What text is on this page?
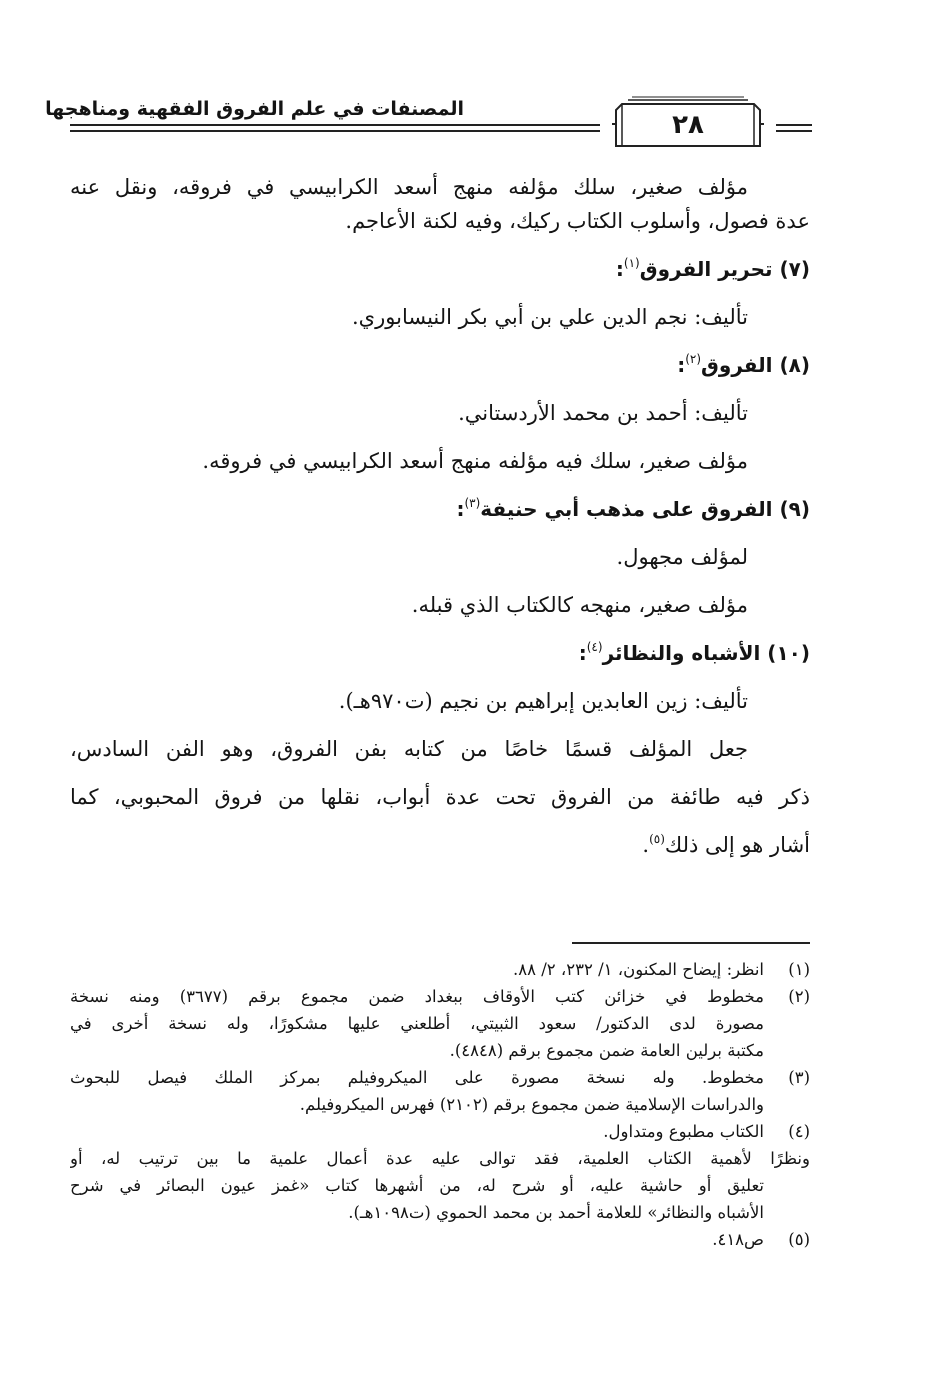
٢٨
المصنفات في علم الفروق الفقهية ومناهجها
مؤلف صغير، سلك مؤلفه منهج أسعد الكرابيسي في فروقه، ونقل عنه
عدة فصول، وأسلوب الكتاب ركيك، وفيه لكنة الأعاجم.
(٧) تحرير الفروق$^{(١)}$:
تأليف: نجم الدين علي بن أبي بكر النيسابوري.
(٨) الفروق$^{(٢)}$:
تأليف: أحمد بن محمد الأردستاني.
مؤلف صغير، سلك فيه مؤلفه منهج أسعد الكرابيسي في فروقه.
(٩) الفروق على مذهب أبي حنيفة$^{(٣)}$:
لمؤلف مجهول.
مؤلف صغير، منهجه كالكتاب الذي قبله.
(١٠) الأشباه والنظائر$^{(٤)}$:
تأليف: زين العابدين إبراهيم بن نجيم (ت٩٧٠هـ).
جعل المؤلف قسمًا خاصًا من كتابه بفن الفروق، وهو الفن السادس،
ذكر فيه طائفة من الفروق تحت عدة أبواب، نقلها من فروق المحبوبي، كما
أشار هو إلى ذلك$^{(٥)}$.
(١)
انظر: إيضاح المكنون، ١/ ٢٣٢، ٢/ ٨٨.
(٢)
مخطوط في خزائن كتب الأوقاف ببغداد ضمن مجموع برقم (٣٦٧٧) ومنه نسخة
مصورة لدى الدكتور/ سعود الثبيتي، أطلعني عليها مشكورًا، وله نسخة أخرى في
مكتبة برلين العامة ضمن مجموع برقم (٤٨٤٨).
(٣)
مخطوط. وله نسخة مصورة على الميكروفيلم بمركز الملك فيصل للبحوث
والدراسات الإسلامية ضمن مجموع برقم (٢١٠٢) فهرس الميكروفيلم.
(٤)
الكتاب مطبوع ومتداول.
ونظرًا لأهمية الكتاب العلمية، فقد توالى عليه عدة أعمال علمية ما بين ترتيب له، أو
تعليق أو حاشية عليه، أو شرح له، من أشهرها كتاب «غمز عيون البصائر في شرح
الأشباه والنظائر» للعلامة أحمد بن محمد الحموي (ت١٠٩٨هـ).
(٥)
ص٤١٨.
